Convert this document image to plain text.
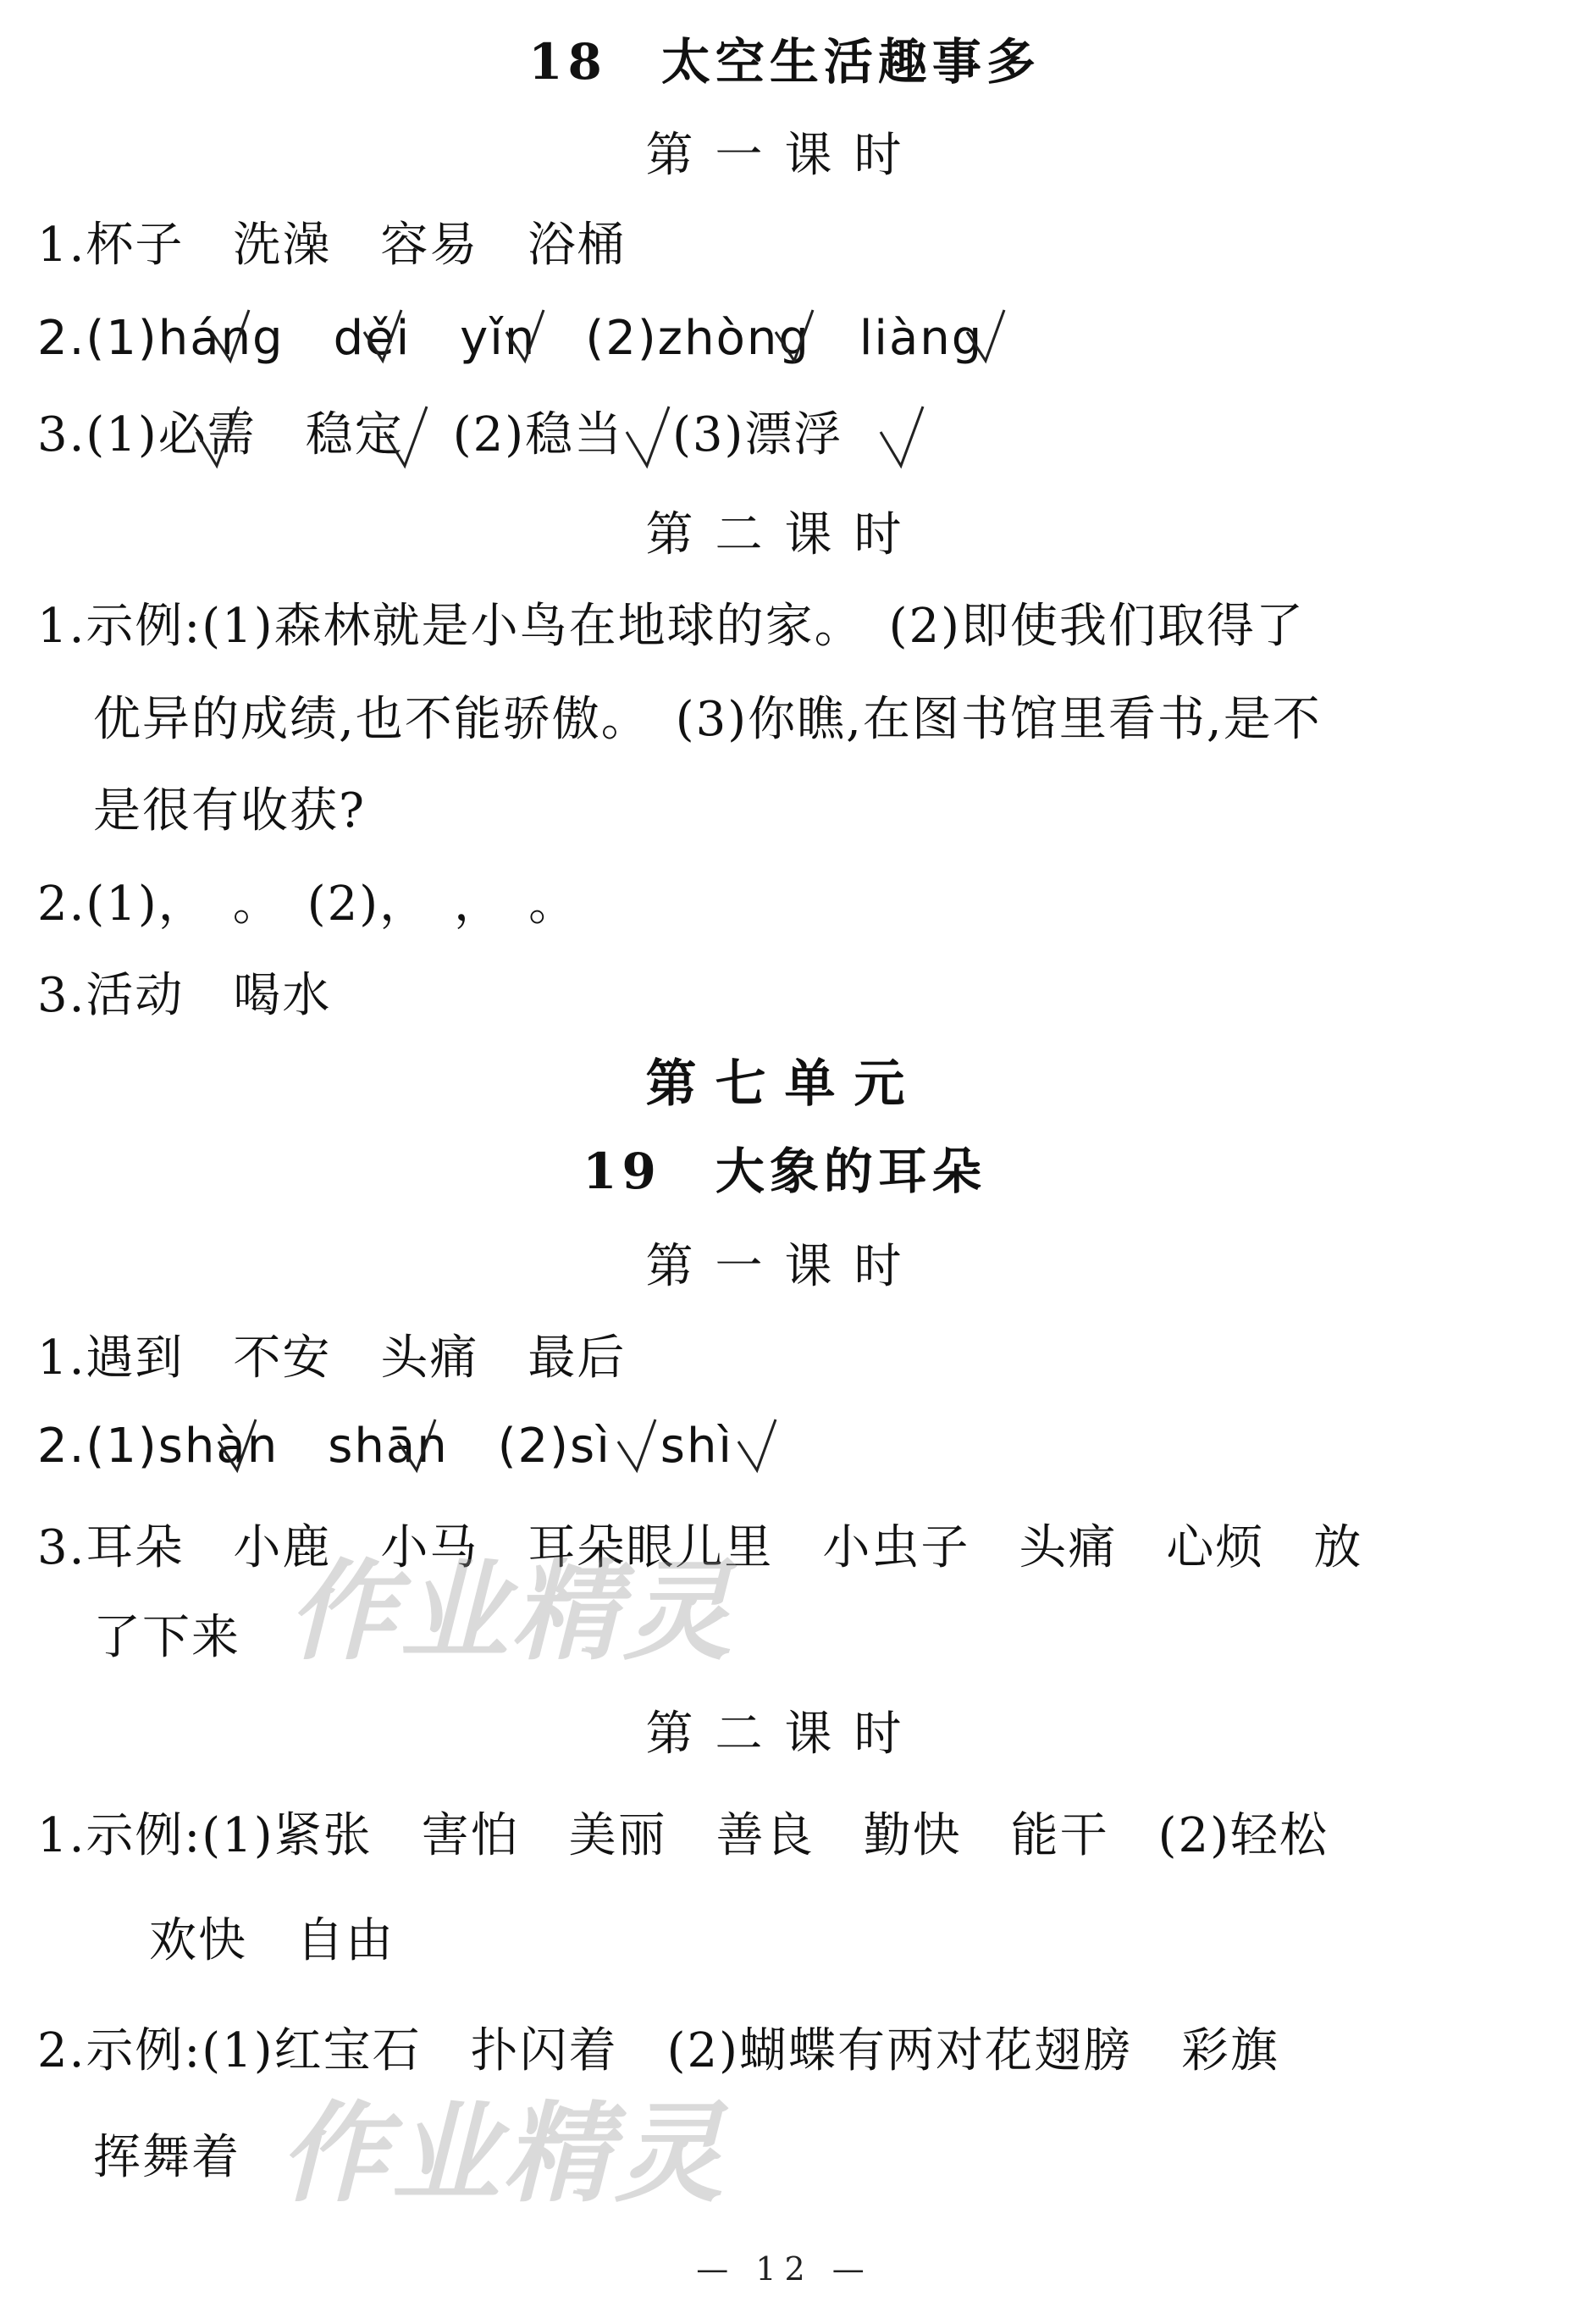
18　太空生活趣事多
第一课时
1.杯子　洗澡　容易　浴桶
2.(1)háng　děi　yǐn　(2)zhòng　liàng
3.(1)必需　稳定　(2)稳当　(3)漂浮
第二课时
1.示例:(1)森林就是小鸟在地球的家。　(2)即使我们取得了
优异的成绩,也不能骄傲。　(3)你瞧,在图书馆里看书,是不
是很有收获?
2.(1)，　。　(2)，　，　。
3.活动　喝水
第七单元
19　大象的耳朵
第一课时
1.遇到　不安　头痛　最后
2.(1)shàn　shān　(2)sì　shì
3.耳朵　小鹿　小马　耳朵眼儿里　小虫子　头痛　心烦　放
了下来
第二课时
1.示例:(1)紧张　害怕　美丽　善良　勤快　能干　(2)轻松
欢快　自由
2.示例:(1)红宝石　扑闪着　(2)蝴蝶有两对花翅膀　彩旗
挥舞着
— 12 —
作业精灵
作业精灵
